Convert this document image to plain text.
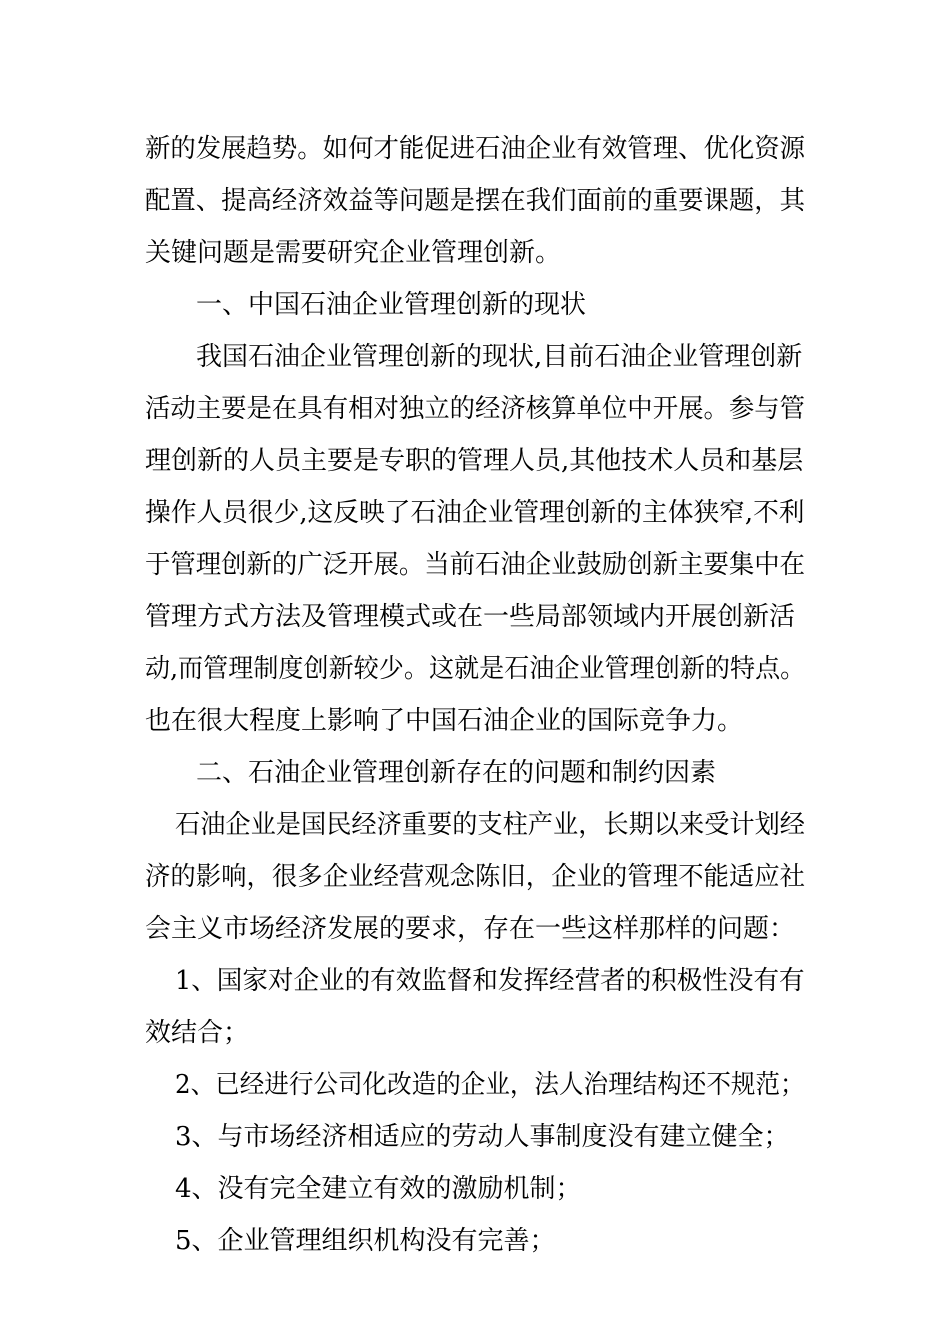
新的发展趋势。如何才能促进石油企业有效管理、优化资源
配置、提高经济效益等问题是摆在我们面前的重要课题，其
关键问题是需要研究企业管理创新。
一、中国石油企业管理创新的现状
我国石油企业管理创新的现状,目前石油企业管理创新
活动主要是在具有相对独立的经济核算单位中开展。参与管
理创新的人员主要是专职的管理人员,其他技术人员和基层
操作人员很少,这反映了石油企业管理创新的主体狭窄,不利
于管理创新的广泛开展。当前石油企业鼓励创新主要集中在
管理方式方法及管理模式或在一些局部领域内开展创新活
动,而管理制度创新较少。这就是石油企业管理创新的特点。
也在很大程度上影响了中国石油企业的国际竞争力。
二、石油企业管理创新存在的问题和制约因素
石油企业是国民经济重要的支柱产业，长期以来受计划经
济的影响，很多企业经营观念陈旧，企业的管理不能适应社
会主义市场经济发展的要求，存在一些这样那样的问题：
1、国家对企业的有效监督和发挥经营者的积极性没有有
效结合；
2、已经进行公司化改造的企业，法人治理结构还不规范；
3、与市场经济相适应的劳动人事制度没有建立健全；
4、没有完全建立有效的激励机制；
5、企业管理组织机构没有完善；
